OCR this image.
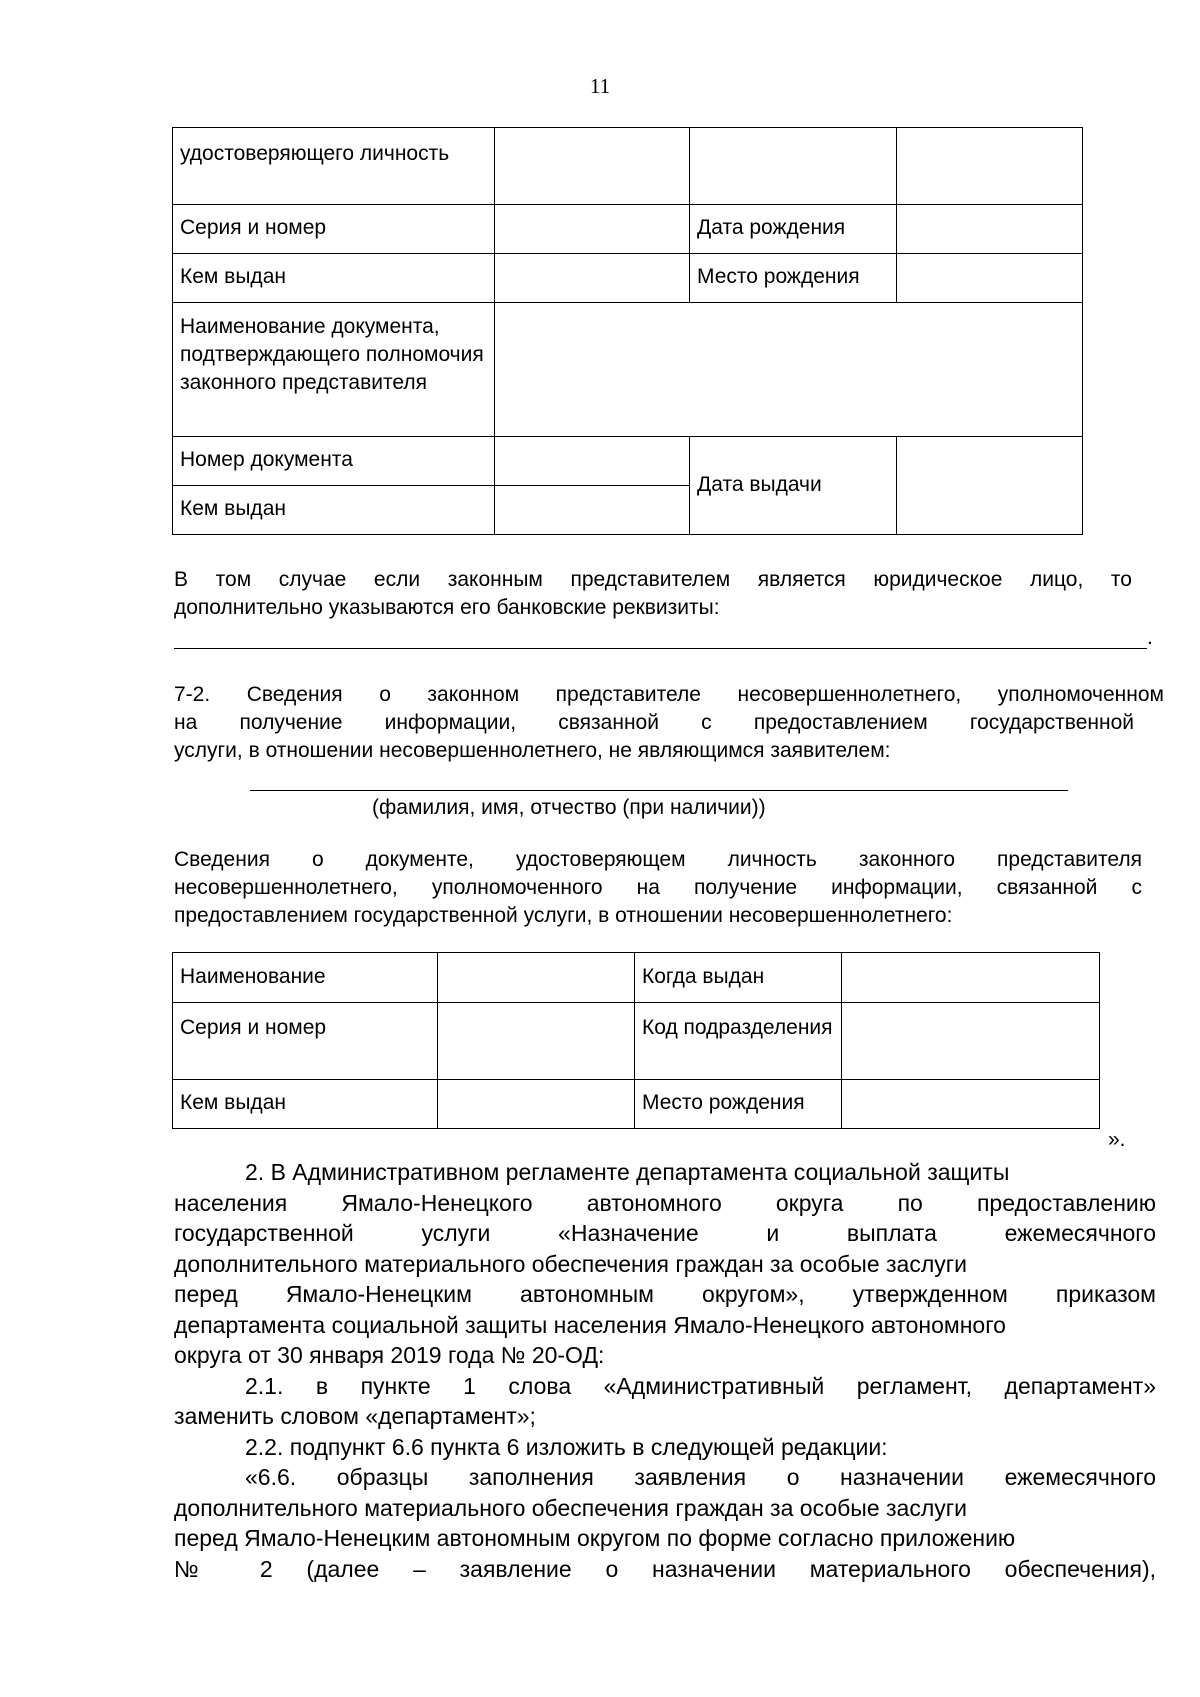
11
удостоверяющего личность			
Серия и номер		Дата рождения	
Кем выдан		Место рождения	
Наименование документа, подтверждающего полномочия законного представителя			
Номер документа		Дата выдачи	
Кем выдан			
В том случае если законным представителем является юридическое лицо, то
дополнительно указываются его банковские реквизиты:
.
7-2. Сведения о законном представителе несовершеннолетнего, уполномоченном
на получение информации, связанной с предоставлением государственной
услуги, в отношении несовершеннолетнего, не являющимся заявителем:
(фамилия, имя, отчество (при наличии))
Сведения о документе, удостоверяющем личность законного представителя
несовершеннолетнего, уполномоченного на получение информации, связанной с
предоставлением государственной услуги, в отношении несовершеннолетнего:
Наименование		Когда выдан	
Серия и номер		Код подразделения	
Кем выдан		Место рождения	
».
2. В Административном регламенте департамента социальной защиты
населения Ямало-Ненецкого автономного округа по предоставлению
государственной услуги «Назначение и выплата ежемесячного
дополнительного материального обеспечения граждан за особые заслуги
перед Ямало-Ненецким автономным округом», утвержденном приказом
департамента социальной защиты населения Ямало-Ненецкого автономного
округа от 30 января 2019 года № 20-ОД:
2.1. в пункте 1 слова «Административный регламент, департамент»
заменить словом «департамент»;
2.2. подпункт 6.6 пункта 6 изложить в следующей редакции:
«6.6. образцы заполнения заявления о назначении ежемесячного
дополнительного материального обеспечения граждан за особые заслуги
перед Ямало-Ненецким автономным округом по форме согласно приложению
№ 2 (далее – заявление о назначении материального обеспечения),
